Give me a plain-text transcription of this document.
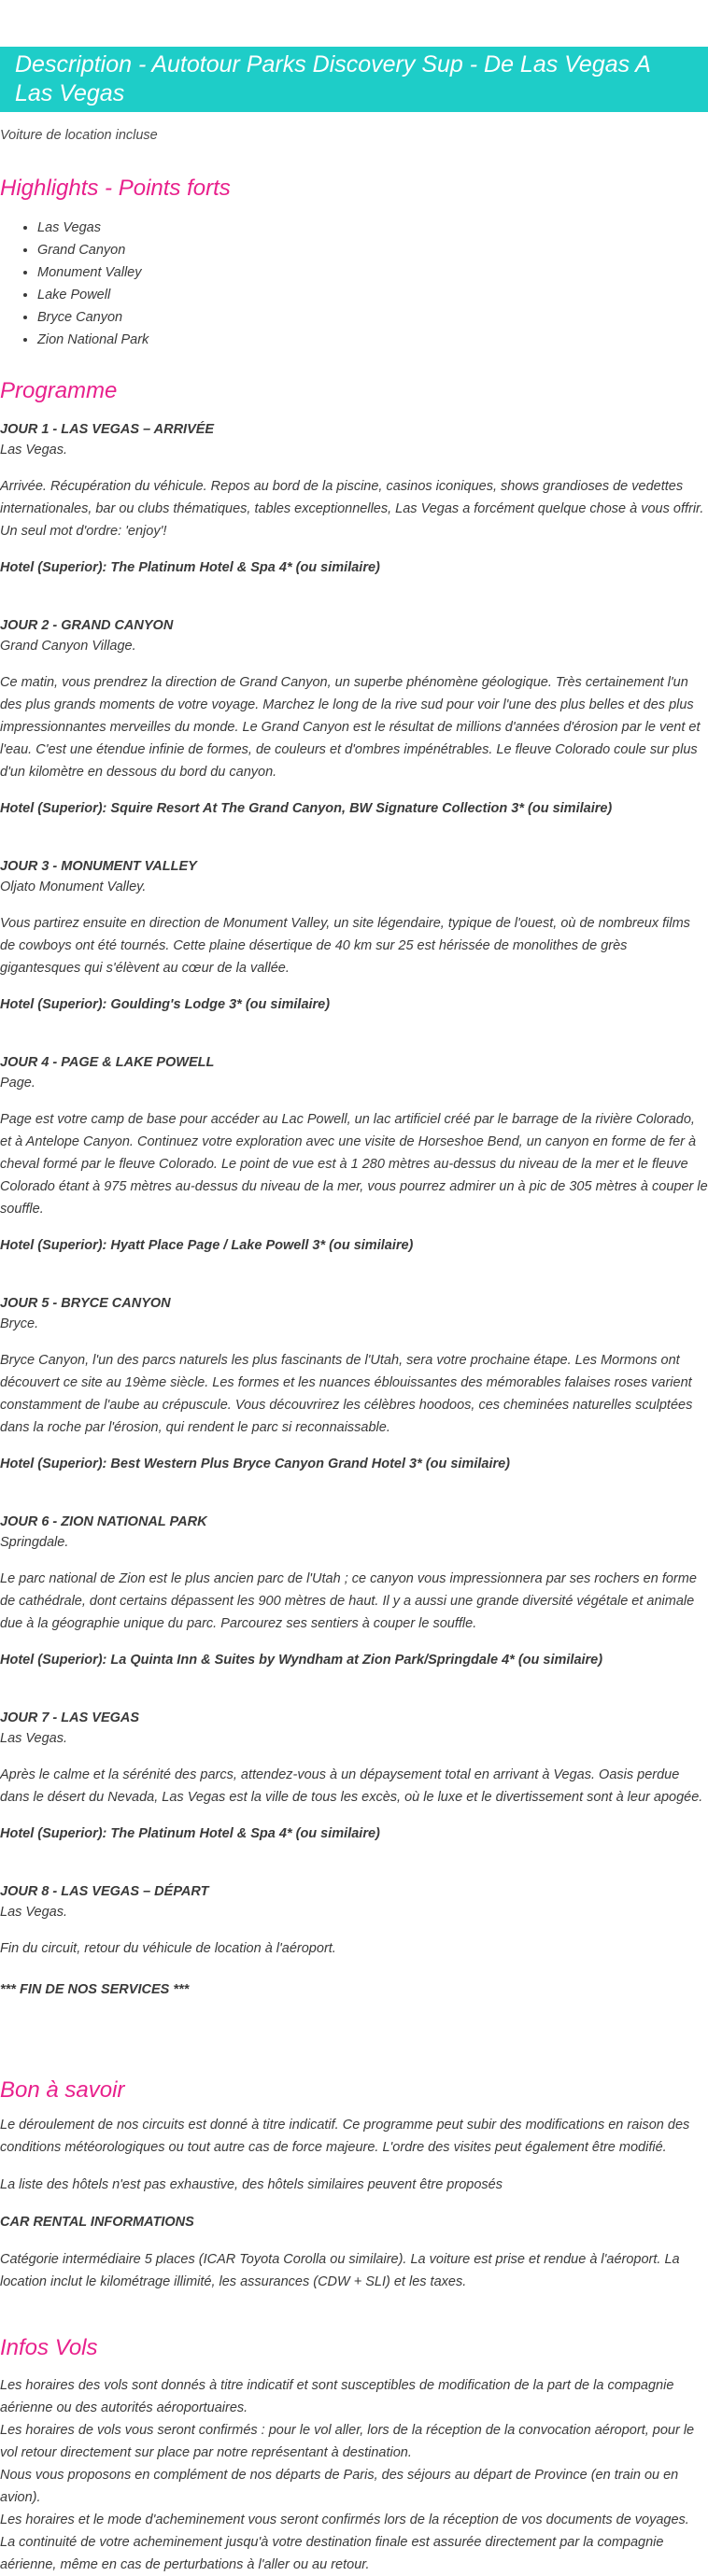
Description - Autotour Parks Discovery Sup - De Las Vegas A Las Vegas
Voiture de location incluse
Highlights - Points forts
• Las Vegas
• Grand Canyon
• Monument Valley
• Lake Powell
• Bryce Canyon
• Zion National Park
Programme
JOUR 1 - LAS VEGAS – ARRIVÉE
Las Vegas.
Arrivée. Récupération du véhicule. Repos au bord de la piscine, casinos iconiques, shows grandioses de vedettes internationales, bar ou clubs thématiques, tables exceptionnelles, Las Vegas a forcément quelque chose à vous offrir. Un seul mot d'ordre: 'enjoy'!
Hotel (Superior): The Platinum Hotel & Spa 4* (ou similaire)
JOUR 2 - GRAND CANYON
Grand Canyon Village.
Ce matin, vous prendrez la direction de Grand Canyon, un superbe phénomène géologique. Très certainement l'un des plus grands moments de votre voyage. Marchez le long de la rive sud pour voir l'une des plus belles et des plus impressionnantes merveilles du monde. Le Grand Canyon est le résultat de millions d'années d'érosion par le vent et l'eau. C'est une étendue infinie de formes, de couleurs et d'ombres impénétrables. Le fleuve Colorado coule sur plus d'un kilomètre en dessous du bord du canyon.
Hotel (Superior): Squire Resort At The Grand Canyon, BW Signature Collection 3* (ou similaire)
JOUR 3 - MONUMENT VALLEY
Oljato Monument Valley.
Vous partirez ensuite en direction de Monument Valley, un site légendaire, typique de l'ouest, où de nombreux films de cowboys ont été tournés. Cette plaine désertique de 40 km sur 25 est hérissée de monolithes de grès gigantesques qui s'élèvent au cœur de la vallée.
Hotel (Superior): Goulding's Lodge 3* (ou similaire)
JOUR 4 - PAGE & LAKE POWELL
Page.
Page est votre camp de base pour accéder au Lac Powell, un lac artificiel créé par le barrage de la rivière Colorado, et à Antelope Canyon. Continuez votre exploration avec une visite de Horseshoe Bend, un canyon en forme de fer à cheval formé par le fleuve Colorado. Le point de vue est à 1 280 mètres au-dessus du niveau de la mer et le fleuve Colorado étant à 975 mètres au-dessus du niveau de la mer, vous pourrez admirer un à pic de 305 mètres à couper le souffle.
Hotel (Superior): Hyatt Place Page / Lake Powell 3* (ou similaire)
JOUR 5 - BRYCE CANYON
Bryce.
Bryce Canyon, l'un des parcs naturels les plus fascinants de l'Utah, sera votre prochaine étape. Les Mormons ont découvert ce site au 19ème siècle. Les formes et les nuances éblouissantes des mémorables falaises roses varient constamment de l'aube au crépuscule. Vous découvrirez les célèbres hoodoos, ces cheminées naturelles sculptées dans la roche par l'érosion, qui rendent le parc si reconnaissable.
Hotel (Superior): Best Western Plus Bryce Canyon Grand Hotel 3* (ou similaire)
JOUR 6 - ZION NATIONAL PARK
Springdale.
Le parc national de Zion est le plus ancien parc de l'Utah ; ce canyon vous impressionnera par ses rochers en forme de cathédrale, dont certains dépassent les 900 mètres de haut. Il y a aussi une grande diversité végétale et animale due à la géographie unique du parc. Parcourez ses sentiers à couper le souffle.
Hotel (Superior): La Quinta Inn & Suites by Wyndham at Zion Park/Springdale 4* (ou similaire)
JOUR 7 - LAS VEGAS
Las Vegas.
Après le calme et la sérénité des parcs, attendez-vous à un dépaysement total en arrivant à Vegas. Oasis perdue dans le désert du Nevada, Las Vegas est la ville de tous les excès, où le luxe et le divertissement sont à leur apogée.
Hotel (Superior): The Platinum Hotel & Spa 4* (ou similaire)
JOUR 8 - LAS VEGAS – DÉPART
Las Vegas.
Fin du circuit, retour du véhicule de location à l'aéroport.
*** FIN DE NOS SERVICES ***
Bon à savoir

Le déroulement de nos circuits est donné à titre indicatif. Ce programme peut subir des modifications en raison des conditions météorologiques ou tout autre cas de force majeure. L'ordre des visites peut également être modifié.

La liste des hôtels n'est pas exhaustive, des hôtels similaires peuvent être proposés

CAR RENTAL INFORMATIONS

Catégorie intermédiaire 5 places (ICAR Toyota Corolla ou similaire). La voiture est prise et rendue à l'aéroport. La location inclut le kilométrage illimité, les assurances (CDW + SLI) et les taxes.

Infos Vols

Les horaires des vols sont donnés à titre indicatif et sont susceptibles de modification de la part de la compagnie aérienne ou des autorités aéroportuaires.

Les horaires de vols vous seront confirmés : pour le vol aller, lors de la réception de la convocation aéroport, pour le vol retour directement sur place par notre représentant à destination.

Nous vous proposons en complément de nos départs de Paris, des séjours au départ de Province (en train ou en avion).

Les horaires et le mode d'acheminement vous seront confirmés lors de la réception de vos documents de voyages.

La continuité de votre acheminement jusqu'à votre destination finale est assurée directement par la compagnie aérienne, même en cas de perturbations à l'aller ou au retour.
